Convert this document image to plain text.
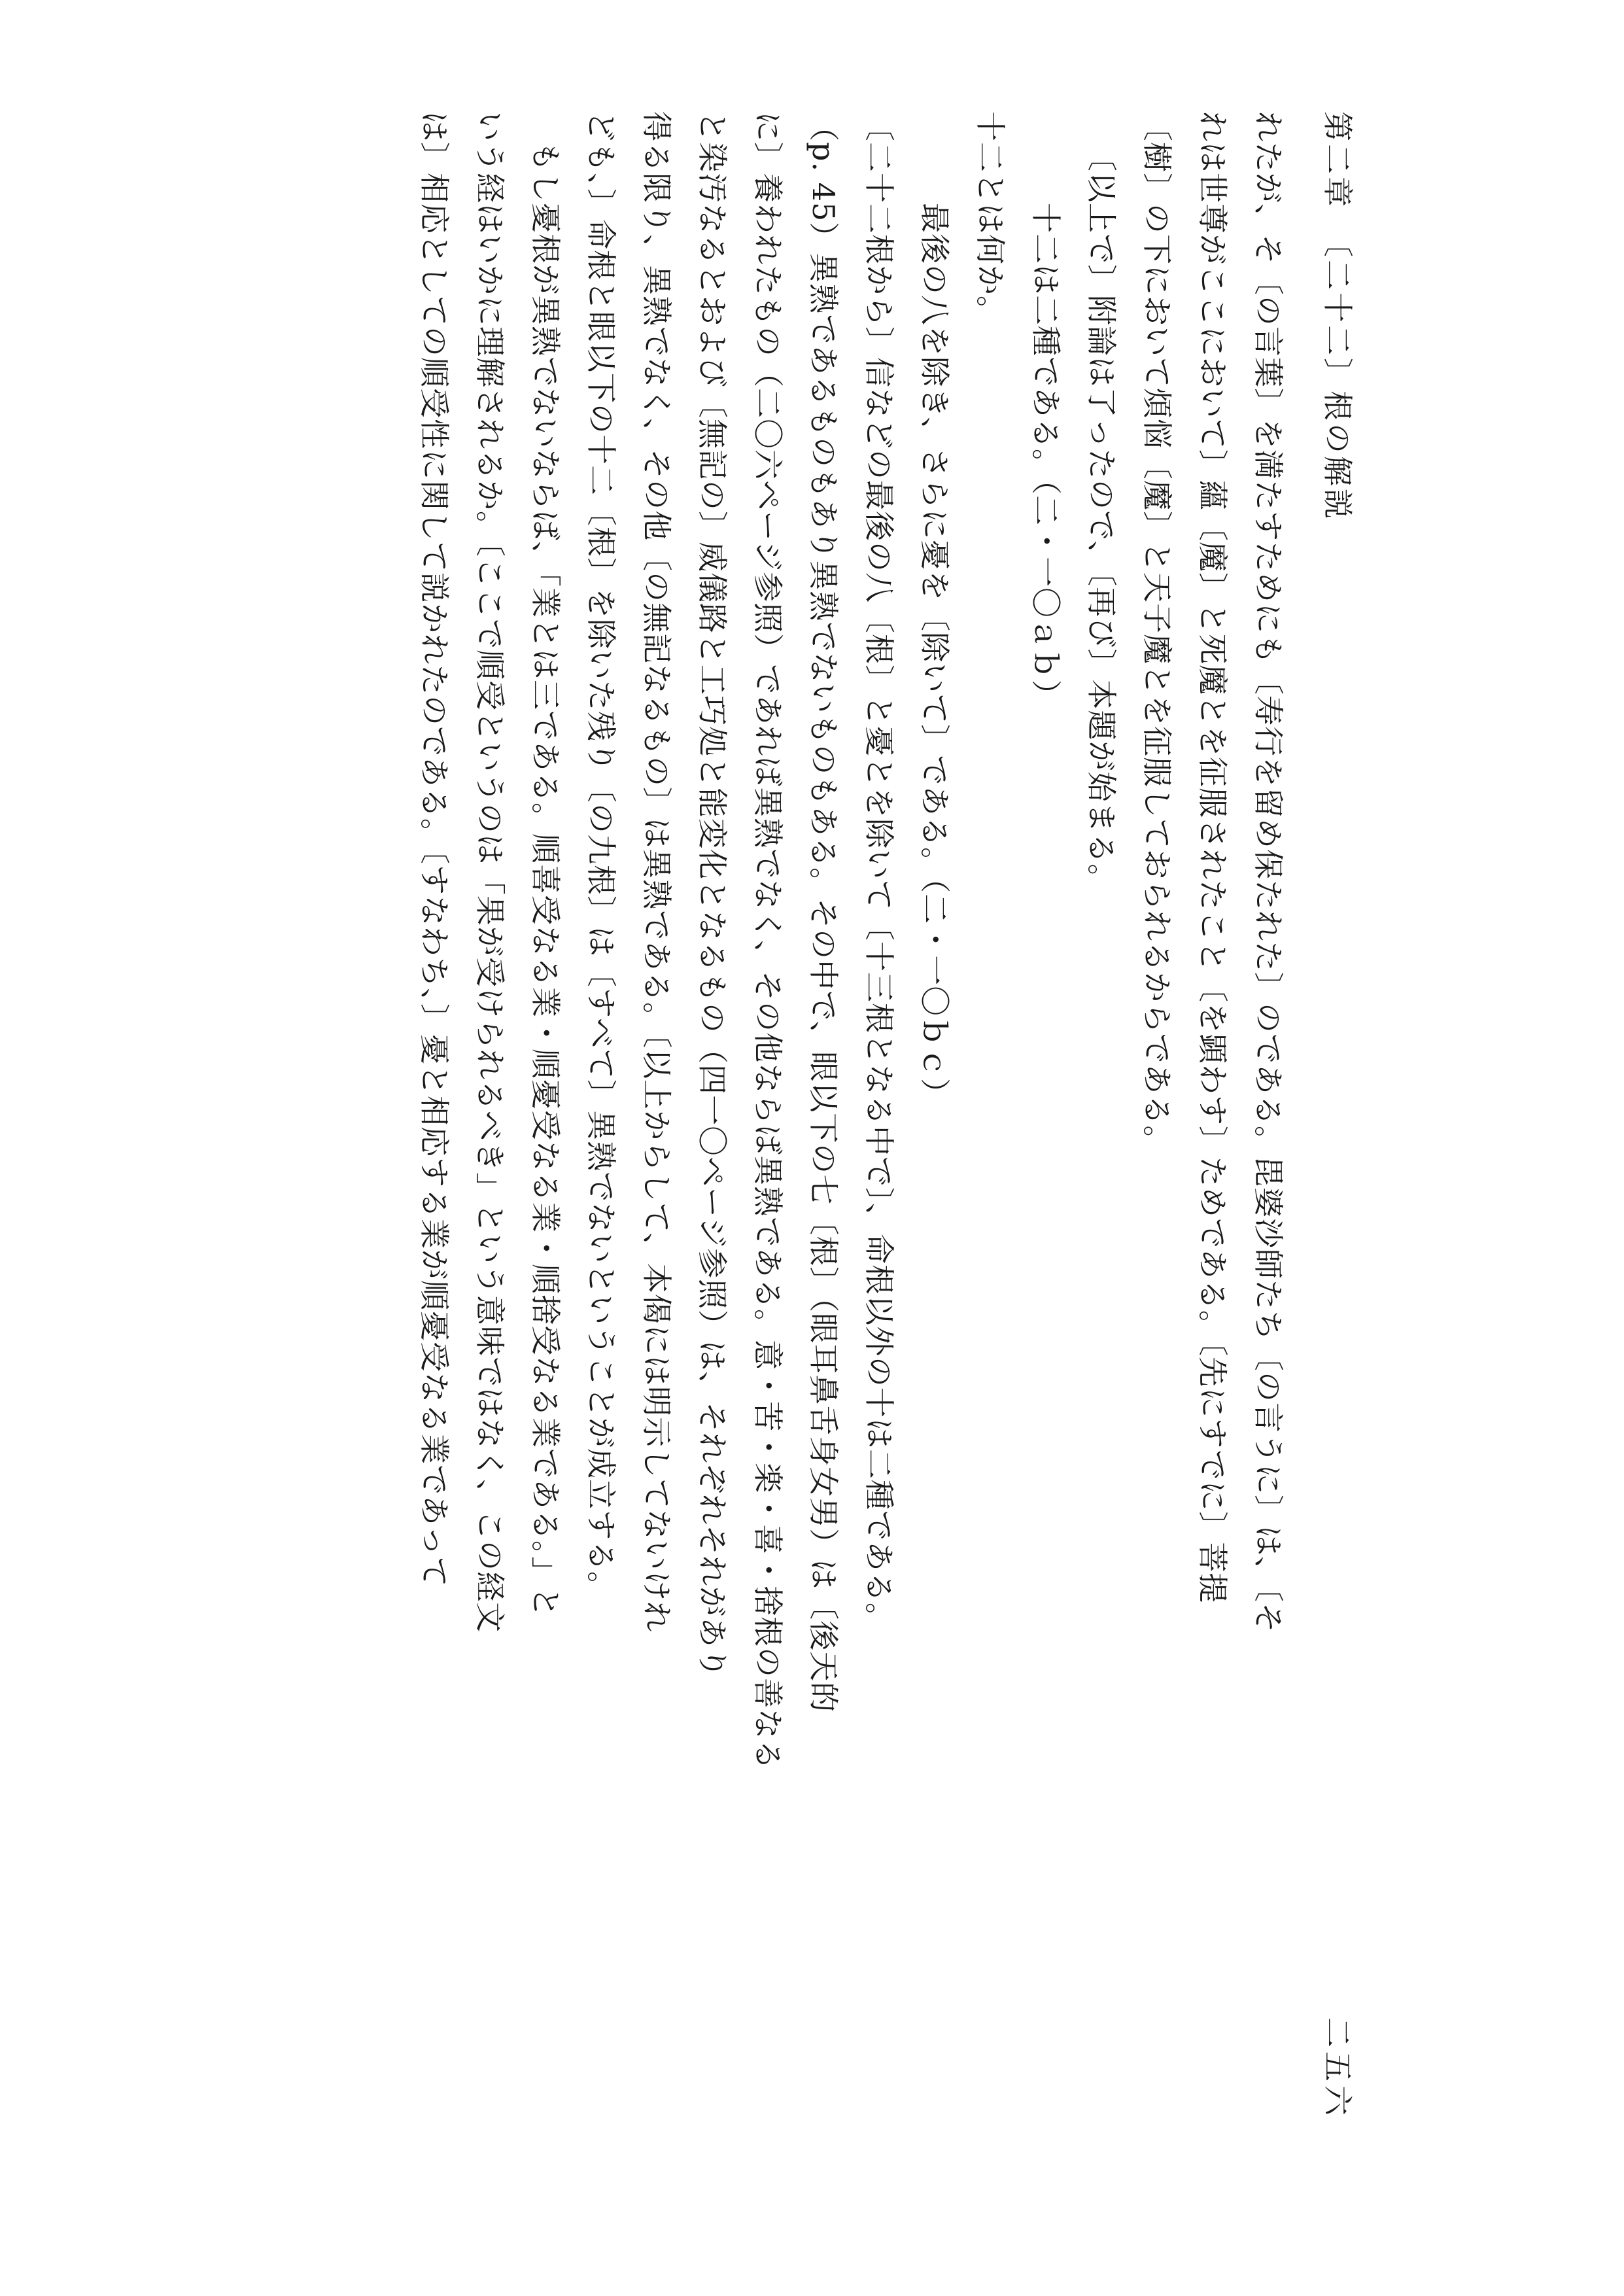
第二章　〔二十二〕根の解説
二五六
れたが、そ〔の言葉〕を満たすためにも〔寿行を留め保たれた〕のである。毘婆沙師たち〔の言うに〕は、〔そ
れは世尊がここにおいて〕蘊〔魔〕と死魔とを征服されたこと〔を顕わす〕ためである。〔先にすでに〕菩提
〔樹〕の下において煩悩〔魔〕と天子魔とを征服しておられるからである。
〔以上で〕附論は了ったので、〔再び〕本題が始まる。
十二は二種である。（二・一〇ａｂ）
十二とは何か。
最後の八を除き、さらに憂を〔除いて〕である。（二・一〇ｂｃ）
〔二十二根から〕信などの最後の八〔根〕と憂とを除いて〔十三根となる中で〕、命根以外の十は二種である。
（p. 45）異熟であるものもあり異熟でないものもある。その中で、眼以下の七〔根〕（眼耳鼻舌身女男）は〔後天的
に〕養われたもの（二〇六ページ参照）であれば異熟でなく、その他ならば異熟である。意・苦・楽・喜・捨根の善なる
と染汚なるとおよび〔無記の〕威儀路と工巧処と能変化となるもの（四一〇ページ参照）は、それぞれそれがあり
得る限り、異熟でなく、その他〔の無記なるもの〕は異熟である。〔以上からして、本偈には明示してないけれ
ども、〕命根と眼以下の十二〔根〕を除いた残り〔の九根〕は〔すべて〕異熟でないということが成立する。
もし憂根が異熟でないならば、「業とは三である。順喜受なる業・順憂受なる業・順捨受なる業である。」と
いう経はいかに理解されるか。〔ここで順受というのは「果が受けられるべき」という意味ではなく、この経文
は〕相応としての順受性に関して説かれたのである。〔すなわち、〕憂と相応する業が順憂受なる業であって
